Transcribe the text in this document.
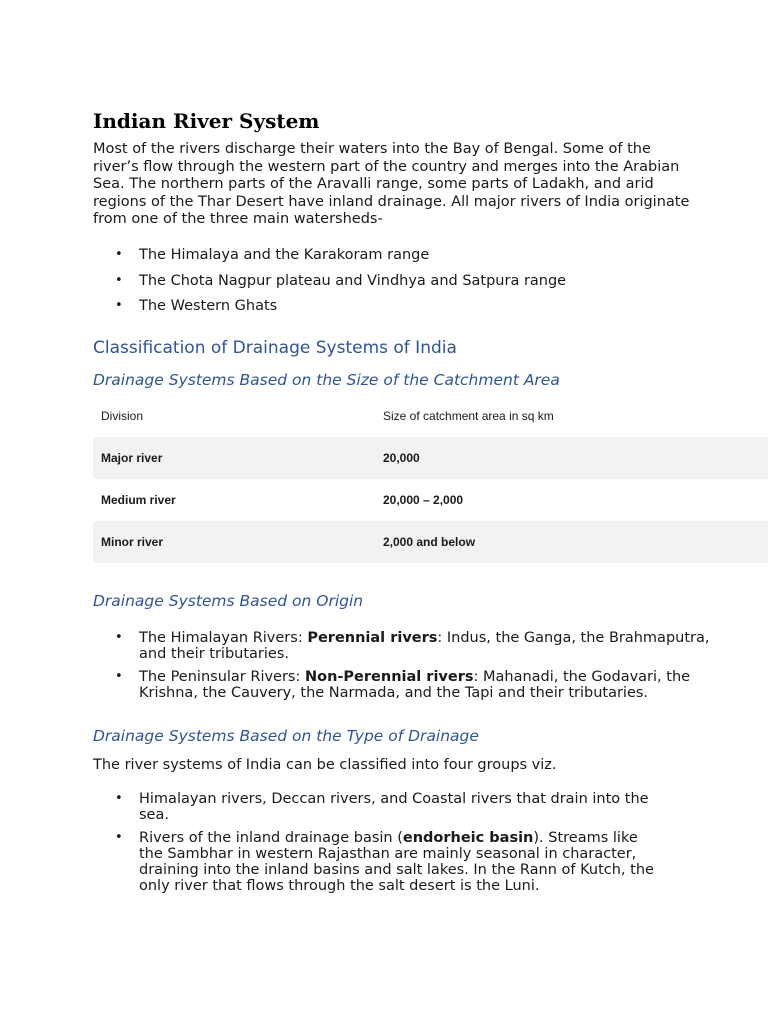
Indian River System

Most of the rivers discharge their waters into the Bay of Bengal. Some of the river’s flow through the western part of the country and merges into the Arabian Sea. The northern parts of the Aravalli range, some parts of Ladakh, and arid regions of the Thar Desert have inland drainage. All major rivers of India originate from one of the three main watersheds-

• The Himalaya and the Karakoram range
• The Chota Nagpur plateau and Vindhya and Satpura range
• The Western Ghats
Classification of Drainage Systems of India
Drainage Systems Based on the Size of the Catchment Area
Division	Size of catchment area in sq km
Major river	20,000
Medium river	20,000 – 2,000
Minor river	2,000 and below
Drainage Systems Based on Origin
• The Himalayan Rivers: Perennial rivers: Indus, the Ganga, the Brahmaputra, and their tributaries.
• The Peninsular Rivers: Non-Perennial rivers: Mahanadi, the Godavari, the Krishna, the Cauvery, the Narmada, and the Tapi and their tributaries.
Drainage Systems Based on the Type of Drainage
The river systems of India can be classified into four groups viz.
• Himalayan rivers, Deccan rivers, and Coastal rivers that drain into the sea.
• Rivers of the inland drainage basin (endorheic basin). Streams like the Sambhar in western Rajasthan are mainly seasonal in character, draining into the inland basins and salt lakes. In the Rann of Kutch, the only river that flows through the salt desert is the Luni.
